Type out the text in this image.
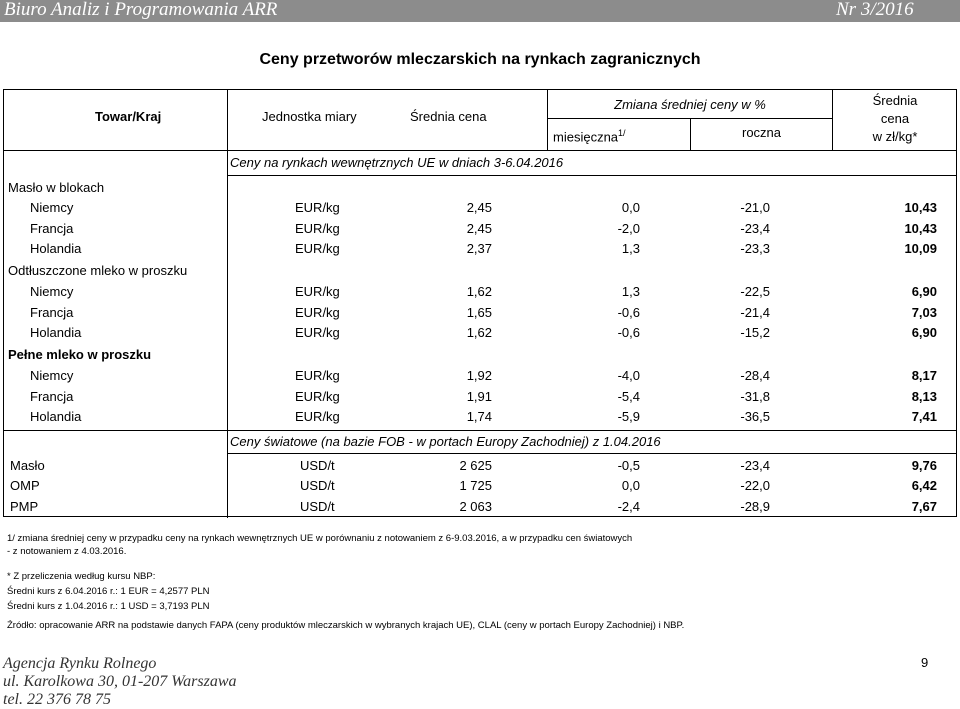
Biuro Analiz i Programowania ARR	Nr 3/2016
Ceny przetworów mleczarskich na rynkach zagranicznych
Towar/Kraj	Jednostka miary	Średnia cena
Zmiana średniej ceny w %
miesięczna$^{1/}$	roczna
Średnia
cena
w zł/kg*
Ceny na rynkach wewnętrznych UE w dniach 3-6.04.2016
Masło w blokach
Niemcy	EUR/kg	2,45	0,0	-21,0	10,43
Francja	EUR/kg	2,45	-2,0	-23,4	10,43
Holandia	EUR/kg	2,37	1,3	-23,3	10,09
Odtłuszczone mleko w proszku
Niemcy	EUR/kg	1,62	1,3	-22,5	6,90
Francja	EUR/kg	1,65	-0,6	-21,4	7,03
Holandia	EUR/kg	1,62	-0,6	-15,2	6,90
Pełne mleko w proszku
Niemcy	EUR/kg	1,92	-4,0	-28,4	8,17
Francja	EUR/kg	1,91	-5,4	-31,8	8,13
Holandia	EUR/kg	1,74	-5,9	-36,5	7,41
Ceny światowe (na bazie FOB - w portach Europy Zachodniej) z 1.04.2016
Masło	USD/t	2 625	-0,5	-23,4	9,76
OMP	USD/t	1 725	0,0	-22,0	6,42
PMP	USD/t	2 063	-2,4	-28,9	7,67
1/ zmiana średniej ceny w przypadku ceny na rynkach wewnętrznych UE w porównaniu z notowaniem z 6-9.03.2016, a w przypadku cen światowych
- z notowaniem z 4.03.2016.
* Z przeliczenia według kursu NBP:
Średni kurs z 6.04.2016 r.: 1 EUR = 4,2577 PLN
Średni kurs z 1.04.2016 r.: 1 USD = 3,7193 PLN
Źródło: opracowanie ARR na podstawie danych FAPA (ceny produktów mleczarskich w wybranych krajach UE), CLAL (ceny w portach Europy Zachodniej) i NBP.
Agencja Rynku Rolnego
ul. Karolkowa 30, 01-207 Warszawa
tel. 22 376 78 75
9
